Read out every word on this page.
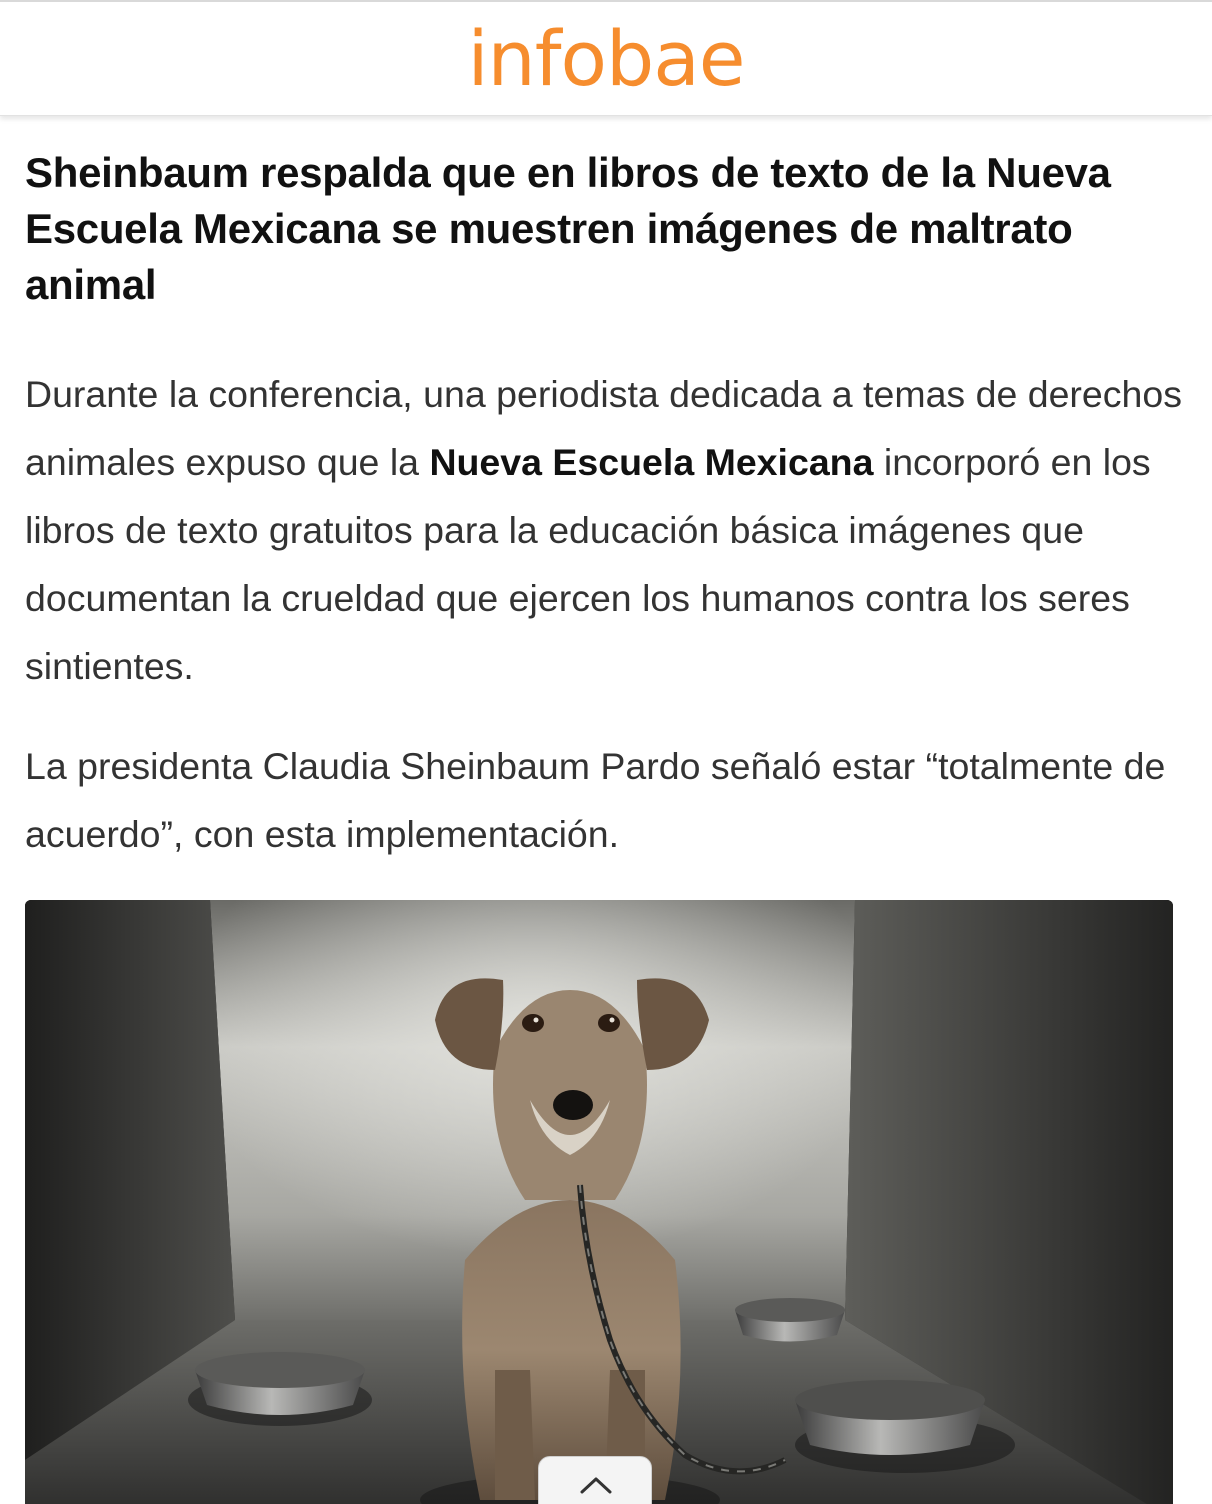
infobae
Sheinbaum respalda que en libros de texto de la Nueva Escuela Mexicana se muestren imágenes de maltrato animal

Durante la conferencia, una periodista dedicada a temas de derechos animales expuso que la Nueva Escuela Mexicana incorporó en los libros de texto gratuitos para la educación básica imágenes que documentan la crueldad que ejercen los humanos contra los seres sintientes.

La presidenta Claudia Sheinbaum Pardo señaló estar “totalmente de acuerdo”, con esta implementación.
